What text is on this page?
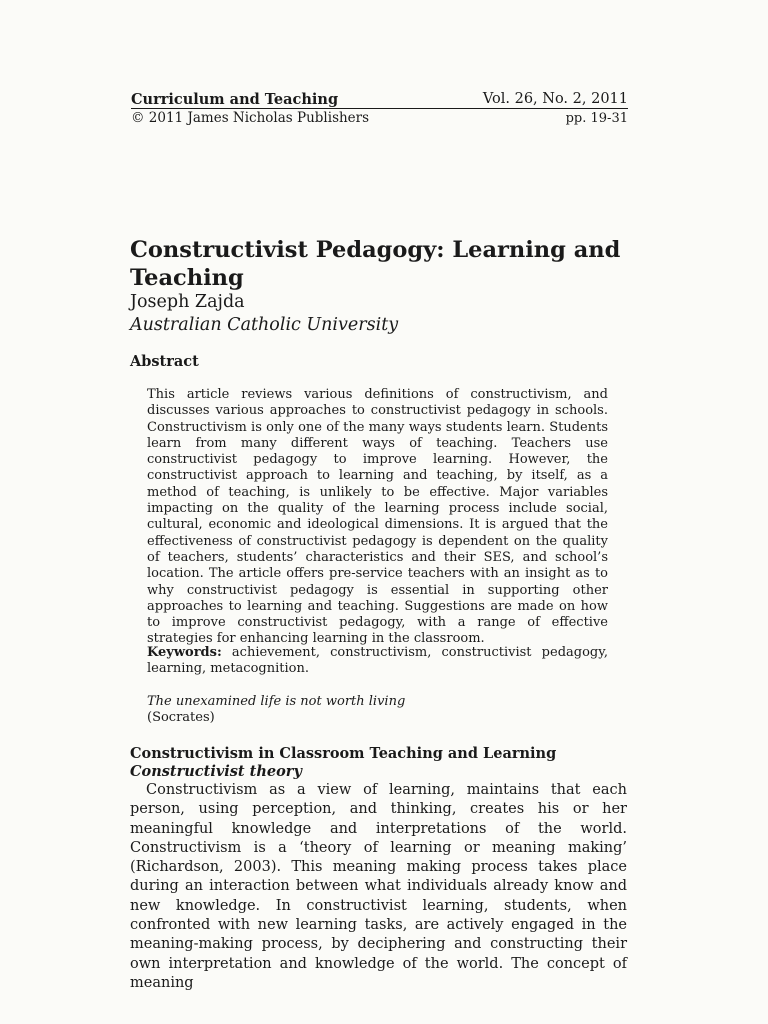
Curriculum and Teaching	Vol. 26, No. 2, 2011
© 2011 James Nicholas Publishers	pp. 19-31
Constructivist Pedagogy: Learning and Teaching
Joseph Zajda
Australian Catholic University
Abstract
This article reviews various definitions of constructivism, and discusses various approaches to constructivist pedagogy in schools. Constructivism is only one of the many ways students learn. Students learn from many different ways of teaching. Teachers use constructivist pedagogy to improve learning. However, the constructivist approach to learning and teaching, by itself, as a method of teaching, is unlikely to be effective. Major variables impacting on the quality of the learning process include social, cultural, economic and ideological dimensions. It is argued that the effectiveness of constructivist pedagogy is dependent on the quality of teachers, students’ characteristics and their SES, and school’s location. The article offers pre-service teachers with an insight as to why constructivist pedagogy is essential in supporting other approaches to learning and teaching. Suggestions are made on how to improve constructivist pedagogy, with a range of effective strategies for enhancing learning in the classroom.
Keywords: achievement, constructivism, constructivist pedagogy, learning, metacognition.
The unexamined life is not worth living
(Socrates)
Constructivism in Classroom Teaching and Learning
Constructivist theory
Constructivism as a view of learning, maintains that each person, using perception, and thinking, creates his or her meaningful knowledge and interpretations of the world. Constructivism is a ‘theory of learning or meaning making’ (Richardson, 2003). This meaning making process takes place during an interaction between what individuals already know and new knowledge. In constructivist learning, students, when confronted with new learning tasks, are actively engaged in the meaning-making process, by deciphering and constructing their own interpretation and knowledge of the world. The concept of meaning
